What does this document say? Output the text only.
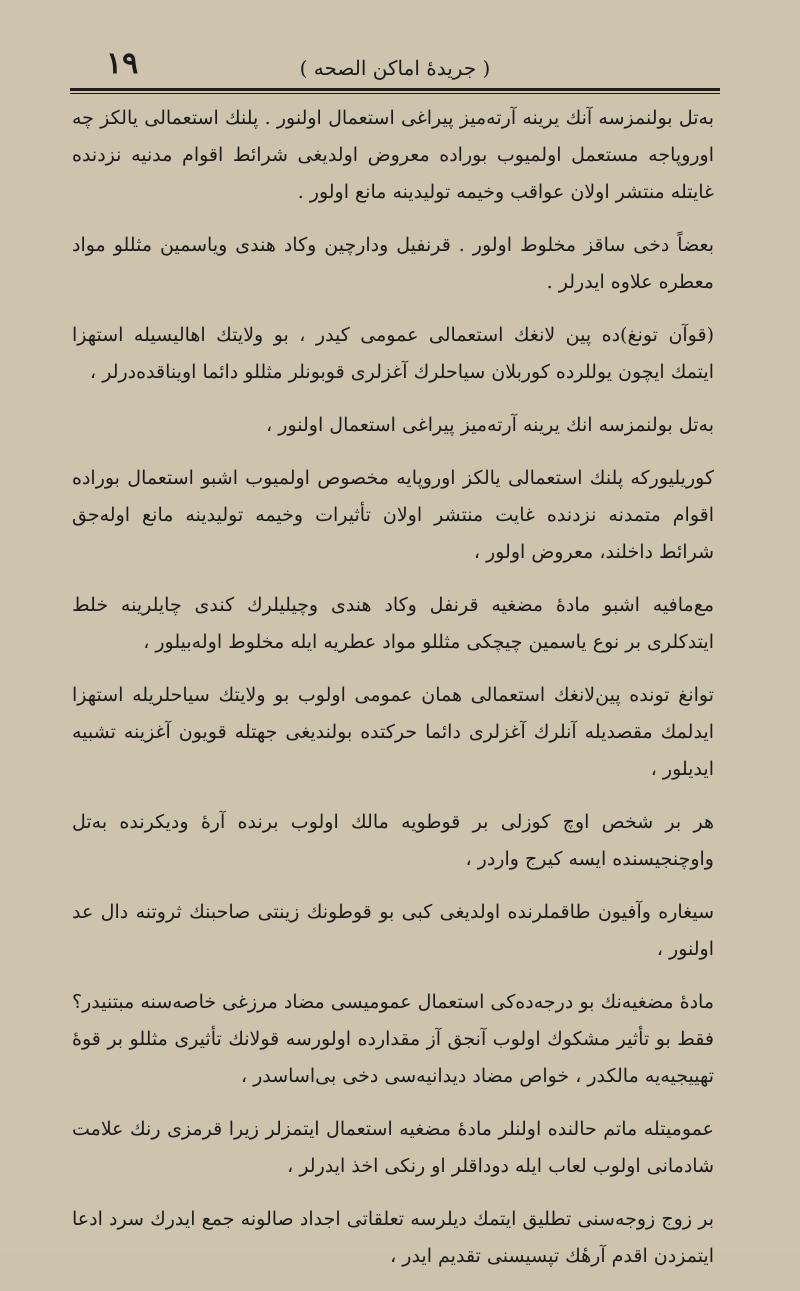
١٩	( جریدهٔ اماکن الصحه )

بەتل بولنمزسه آنك یرینه آرته‌میز پیراغی استعمال اولنور . پلنك استعمالی یالکز چه اوروپاجه مستعمل اولمیوب بوراده معروض اولدیغی شرائط اقوام مدنیه نزدنده غایتله منتشر اولان عواقب وخیمه تولیدینه مانع اولور .

بعضاً دخی ساقز مخلوط اولور . قرنفیل ودارچین وکاد هندی ویاسمین مثللو مواد معطره علاوه ایدرلر .

(قوآن تونغ)ده پین لانغك استعمالی عمومی کیدر ، بو ولایتك اهالیسیله استهزا ایتمك ایچون یوللرده کوربلان سیاحلرك آغزلری قوبونلر مثللو دائما اویناقده‌درلر ،

بەتل بولنمزسه انك یرینه آرته‌میز پیراغی استعمال اولنور ،

کوریلیورکه پلنك استعمالی یالکز اوروپایه مخصوص اولمیوب اشبو استعمال بوراده اقوام متمدنه نزدنده غایت منتشر اولان تأثیرات وخیمه تولیدینه مانع اوله‌جق شرائط داخلند، معروض اولور ،

مع‌مافیه اشبو مادهٔ مضغیه قرنفل وکاد هندی وچیلیلرك کندی چایلرینه خلط ایتدکلری بر نوع یاسمین چیچکی مثللو مواد عطریه ایله مخلوط اوله‌بیلور ،

توانغ تونده پین‌لانغك استعمالی همان عمومی اولوب بو ولایتك سیاحلریله استهزا ایدلمك مقصدیله آنلرك آغزلری دائما حرکتده بولندیغی جهتله قویون آغزینه تشبیه ایدیلور ،

هر بر شخص اوچ کوزلی بر قوطویه مالك اولوب برنده آرهٔ ودیکرنده بەتل واوچنجیسنده ایسه کیرج واردر ،

سیغاره وآفیون طاقملرنده اولدیغی کبی بو قوطونك زینتی صاحبنك ثروتنه دال عد اولنور ،

مادهٔ مضغیه‌نك بو درجه‌ده‌کی استعمال عمومیسی مضاد مرزغی خاصه‌سنه مبتنیدر؟ فقط بو تأثیر مشکوك اولوب آنجق آز مقدارده اولورسه قولانك تأثیری مثللو بر قوهٔ تهییجیه‌یه مالکدر ، خواص مضاد دیدانیه‌سی دخی بی‌اساسدر ،

عمومیتله ماتم حالنده اولنلر مادهٔ مضغیه استعمال ایتمزلر زیرا قرمزی رنك علامت شادمانی اولوب لعاب ایله دوداقلر او رنکی اخذ ایدرلر ،

بر زوج زوجه‌سنی تطلیق ایتمك دیلرسه تعلقاتی اجداد صالونه جمع ایدرك سرد ادعا ایتمزدن اقدم آرهٔك تپسیسنی تقدیم ایدر ،
